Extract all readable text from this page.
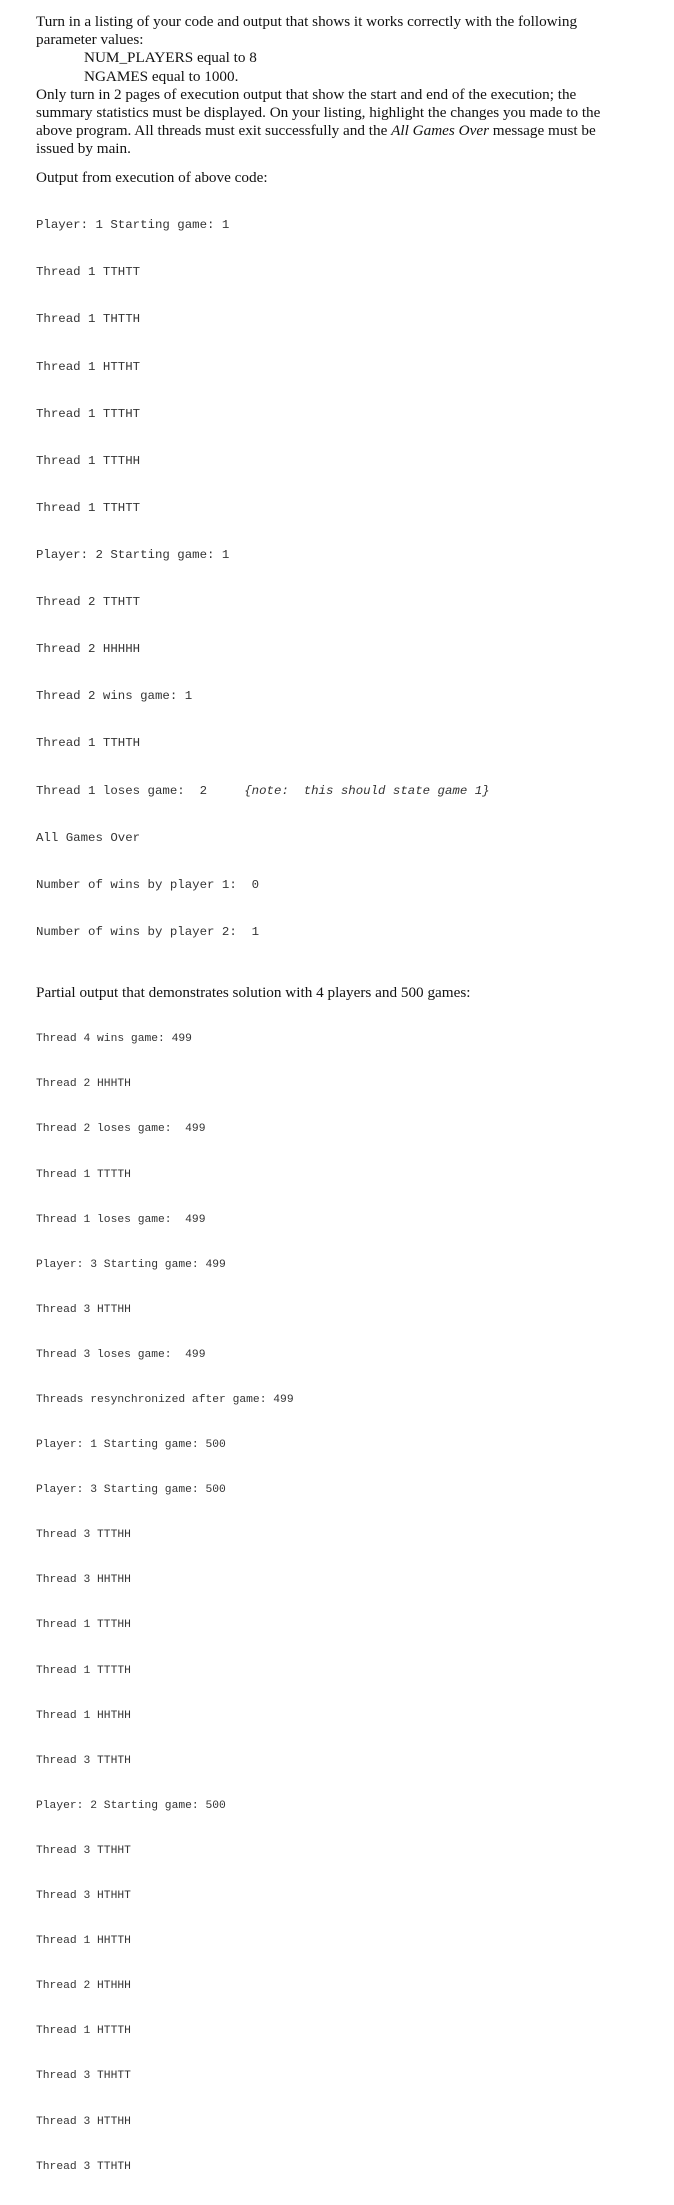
Turn in a listing of your code and output that shows it works correctly with the following parameter values:
NUM_PLAYERS equal to 8
NGAMES equal to 1000.
Only turn in 2 pages of execution output that show the start and end of the execution; the summary statistics must be displayed. On your listing, highlight the changes you made to the above program. All threads must exit successfully and the All Games Over message must be issued by main.
Output from execution of above code:

Player: 1 Starting game: 1

Thread 1 TTHTT

Thread 1 THTTH

Thread 1 HTTHT

Thread 1 TTTHT

Thread 1 TTTHH

Thread 1 TTHTT

Player: 2 Starting game: 1

Thread 2 TTHTT

Thread 2 HHHHH

Thread 2 wins game: 1

Thread 1 TTHTH

Thread 1 loses game:  2     {note:  this should state game 1}

All Games Over

Number of wins by player 1:  0

Number of wins by player 2:  1

Partial output that demonstrates solution with 4 players and 500 games:

Thread 4 wins game: 499

Thread 2 HHHTH

Thread 2 loses game:  499

Thread 1 TTTTH

Thread 1 loses game:  499

Player: 3 Starting game: 499

Thread 3 HTTHH

Thread 3 loses game:  499

Threads resynchronized after game: 499

Player: 1 Starting game: 500

Player: 3 Starting game: 500

Thread 3 TTTHH

Thread 3 HHTHH

Thread 1 TTTHH

Thread 1 TTTTH

Thread 1 HHTHH

Thread 3 TTHTH

Player: 2 Starting game: 500

Thread 3 TTHHT

Thread 3 HTHHT

Thread 1 HHTTH

Thread 2 HTHHH

Thread 1 HTTTH

Thread 3 THHTT

Thread 3 HTTHH

Thread 3 TTHTH
